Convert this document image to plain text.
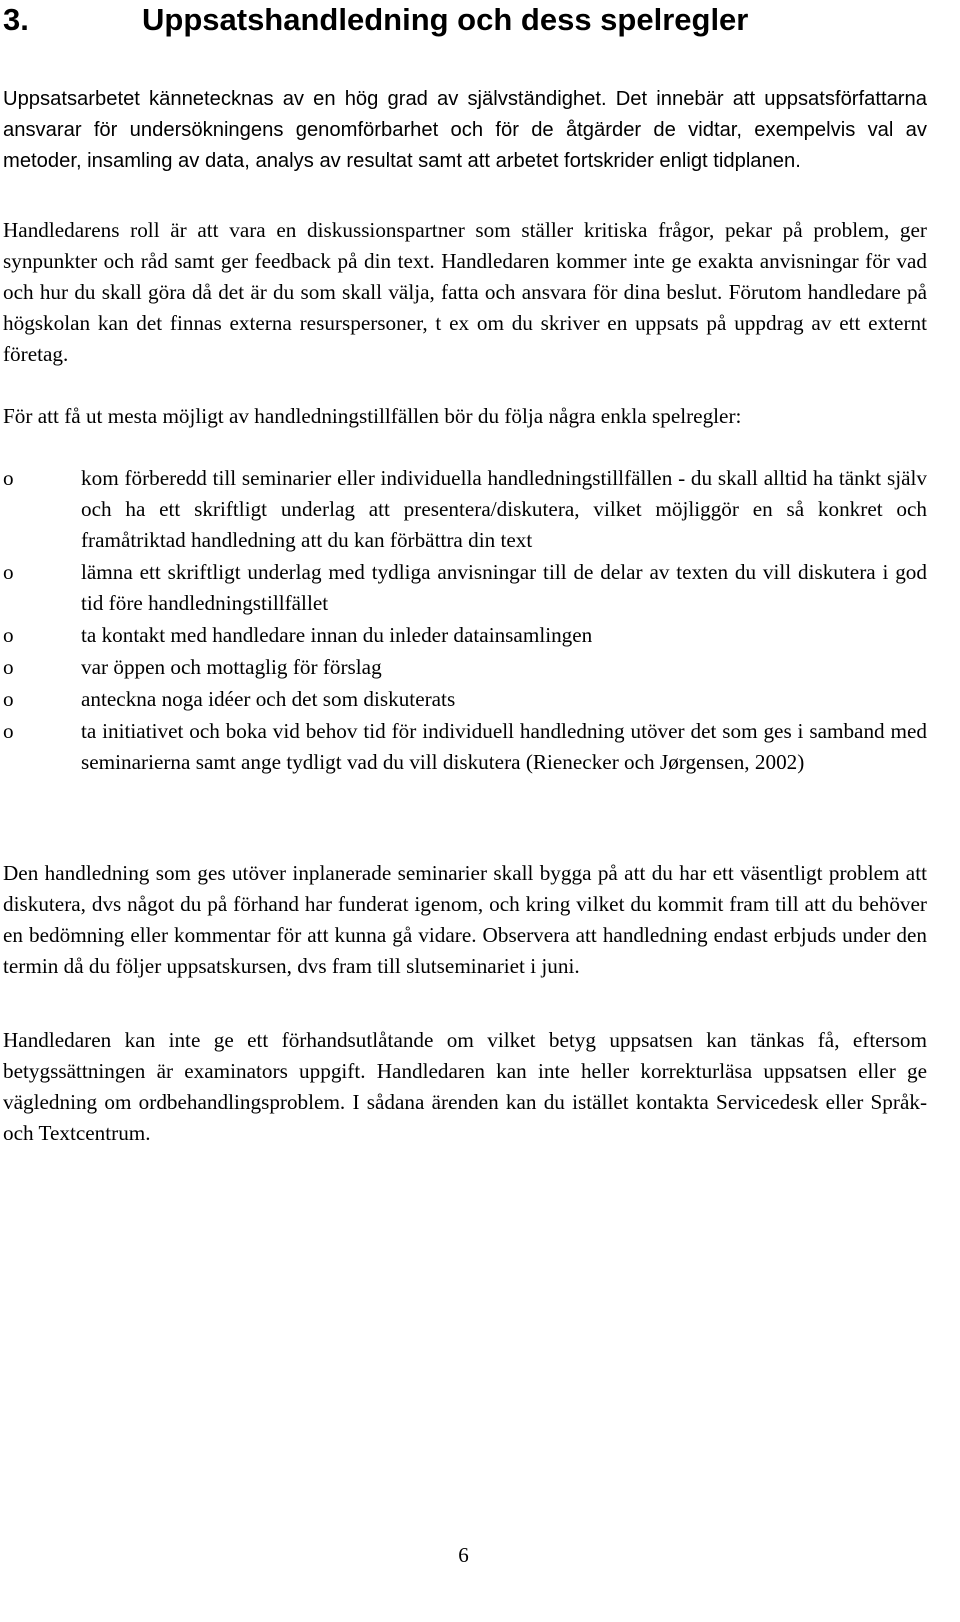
3.	Uppsatshandledning och dess spelregler

Uppsatsarbetet kännetecknas av en hög grad av självständighet. Det innebär att uppsatsförfattarna ansvarar för undersökningens genomförbarhet och för de åtgärder de vidtar, exempelvis val av metoder, insamling av data, analys av resultat samt att arbetet fortskrider enligt tidplanen.

Handledarens roll är att vara en diskussionspartner som ställer kritiska frågor, pekar på problem, ger synpunkter och råd samt ger feedback på din text. Handledaren kommer inte ge exakta anvisningar för vad och hur du skall göra då det är du som skall välja, fatta och ansvara för dina beslut. Förutom handledare på högskolan kan det finnas externa resurspersoner, t ex om du skriver en uppsats på uppdrag av ett externt företag.

För att få ut mesta möjligt av handledningstillfällen bör du följa några enkla spelregler:

o	kom förberedd till seminarier eller individuella handledningstillfällen - du skall alltid ha tänkt själv och ha ett skriftligt underlag att presentera/diskutera, vilket möjliggör en så konkret och framåtriktad handledning att du kan förbättra din text
o	lämna ett skriftligt underlag med tydliga anvisningar till de delar av texten du vill diskutera i god tid före handledningstillfället
o	ta kontakt med handledare innan du inleder datainsamlingen
o	var öppen och mottaglig för förslag
o	anteckna noga idéer och det som diskuterats
o	ta initiativet och boka vid behov tid för individuell handledning utöver det som ges i samband med seminarierna samt ange tydligt vad du vill diskutera (Rienecker och Jørgensen, 2002)

Den handledning som ges utöver inplanerade seminarier skall bygga på att du har ett väsentligt problem att diskutera, dvs något du på förhand har funderat igenom, och kring vilket du kommit fram till att du behöver en bedömning eller kommentar för att kunna gå vidare. Observera att handledning endast erbjuds under den termin då du följer uppsatskursen, dvs fram till slutseminariet i juni.

Handledaren kan inte ge ett förhandsutlåtande om vilket betyg uppsatsen kan tänkas få, eftersom betygssättningen är examinators uppgift. Handledaren kan inte heller korrekturläsa uppsatsen eller ge vägledning om ordbehandlingsproblem. I sådana ärenden kan du istället kontakta Servicedesk eller Språk- och Textcentrum.

6
